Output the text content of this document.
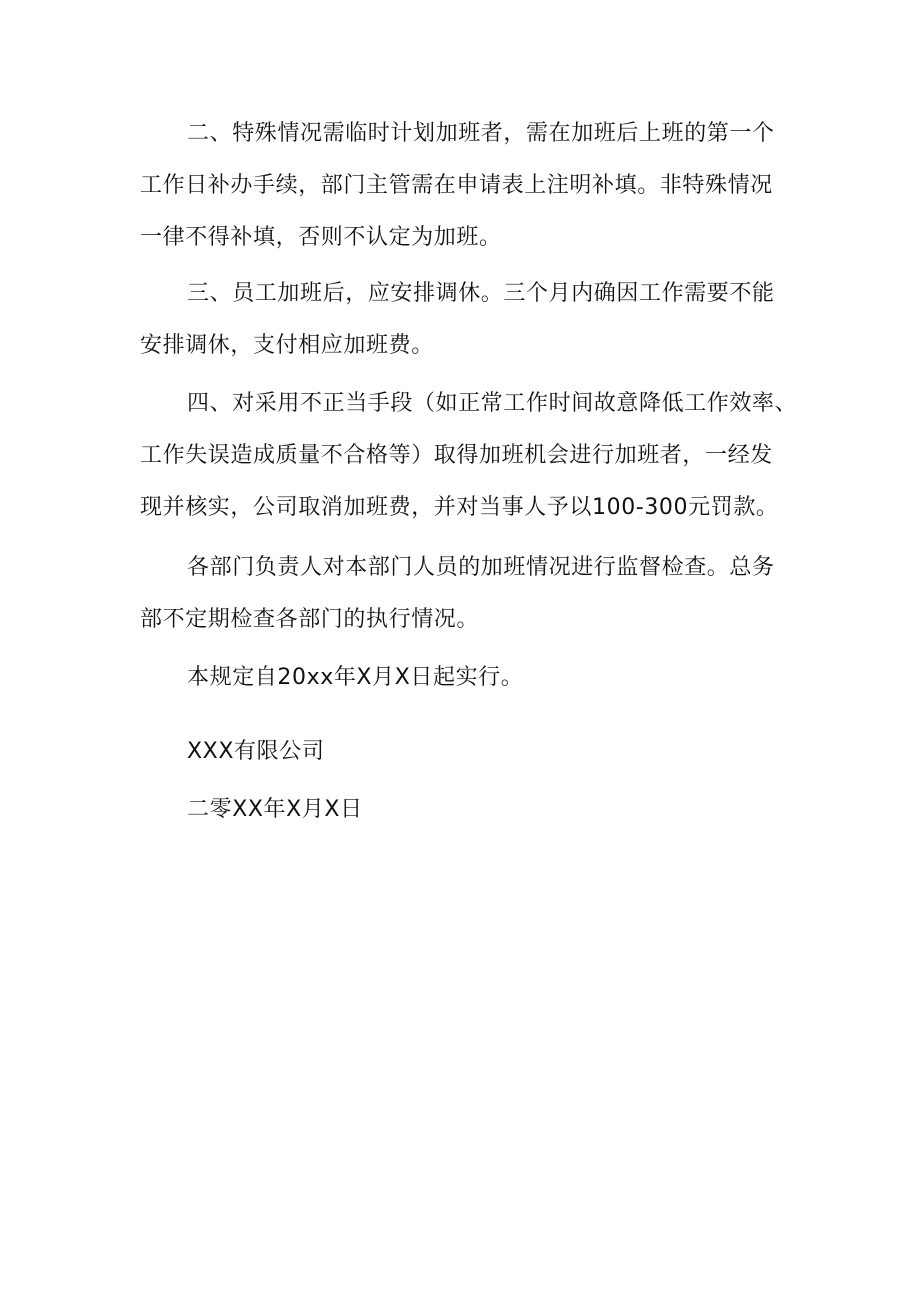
二、特殊情况需临时计划加班者，需在加班后上班的第一个
工作日补办手续，部门主管需在申请表上注明补填。非特殊情况
一律不得补填，否则不认定为加班。

三、员工加班后，应安排调休。三个月内确因工作需要不能
安排调休，支付相应加班费。

四、对采用不正当手段（如正常工作时间故意降低工作效率、
工作失误造成质量不合格等）取得加班机会进行加班者，一经发
现并核实，公司取消加班费，并对当事人予以100-300元罚款。

各部门负责人对本部门人员的加班情况进行监督检查。总务
部不定期检查各部门的执行情况。

本规定自20xx年X月X日起实行。

XXX有限公司

二零XX年X月X日
